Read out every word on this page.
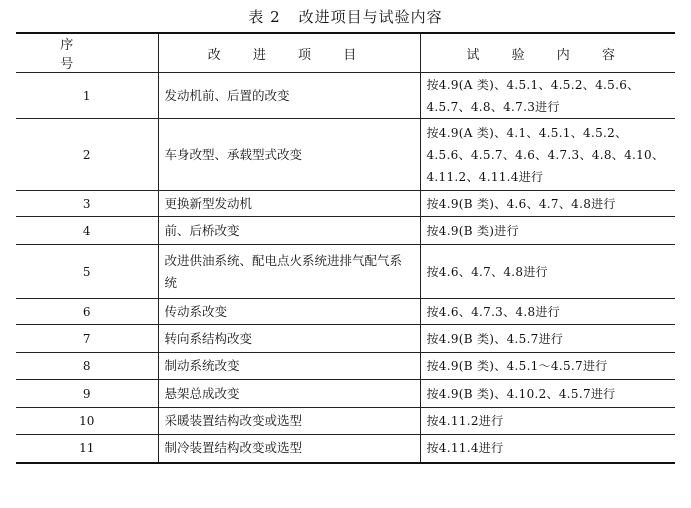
表 2 改进项目与试验内容
序 号	改 进 项 目	试 验 内 容
1	发动机前、后置的改变	按4.9(A 类)、4.5.1、4.5.2、4.5.6、4.5.7、4.8、4.7.3进行
2	车身改型、承载型式改变	按4.9(A 类)、4.1、4.5.1、4.5.2、4.5.6、4.5.7、4.6、4.7.3、4.8、4.10、4.11.2、4.11.4进行
3	更换新型发动机	按4.9(B 类)、4.6、4.7、4.8进行
4	前、后桥改变	按4.9(B 类)进行
5	改进供油系统、配电点火系统进排气配气系统	按4.6、4.7、4.8进行
6	传动系改变	按4.6、4.7.3、4.8进行
7	转向系结构改变	按4.9(B 类)、4.5.7进行
8	制动系统改变	按4.9(B 类)、4.5.1～4.5.7进行
9	悬架总成改变	按4.9(B 类)、4.10.2、4.5.7进行
10	采暖装置结构改变或选型	按4.11.2进行
11	制冷装置结构改变或选型	按4.11.4进行
